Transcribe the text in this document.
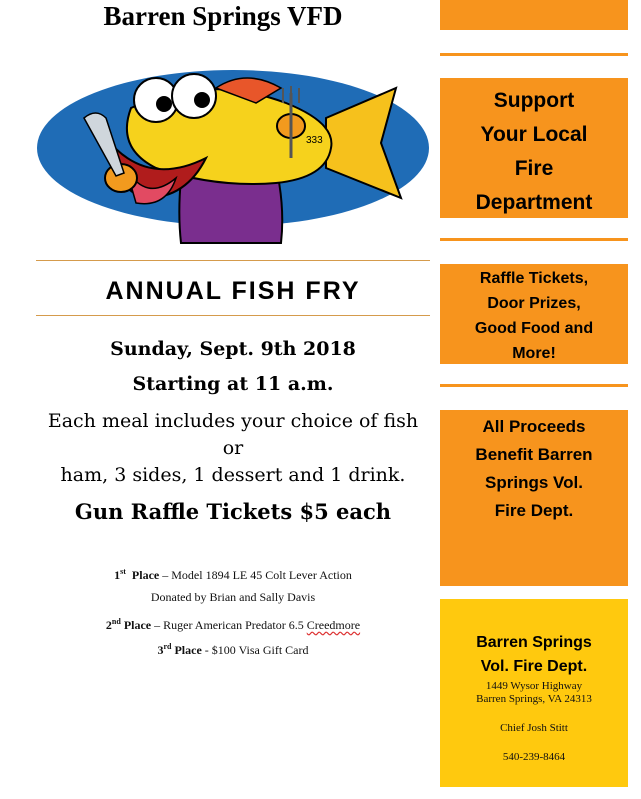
Barren Springs VFD
333
ANNUAL FISH FRY
Sunday, Sept. 9th 2018
Starting at 11 a.m.
Each meal includes your choice of fish or
ham, 3 sides, 1 dessert and 1 drink.
Gun Raffle Tickets $5 each
1st Place – Model 1894 LE 45 Colt Lever Action
Donated by Brian and Sally Davis
2nd Place – Ruger American Predator 6.5 Creedmore
3rd Place - $100 Visa Gift Card
Support
Your Local
Fire
Department
Raffle Tickets,
Door Prizes,
Good Food and
More!
All Proceeds
Benefit Barren
Springs Vol.
Fire Dept.
Barren Springs
Vol. Fire Dept.
1449 Wysor Highway
Barren Springs, VA 24313
Chief Josh Stitt
540-239-8464
